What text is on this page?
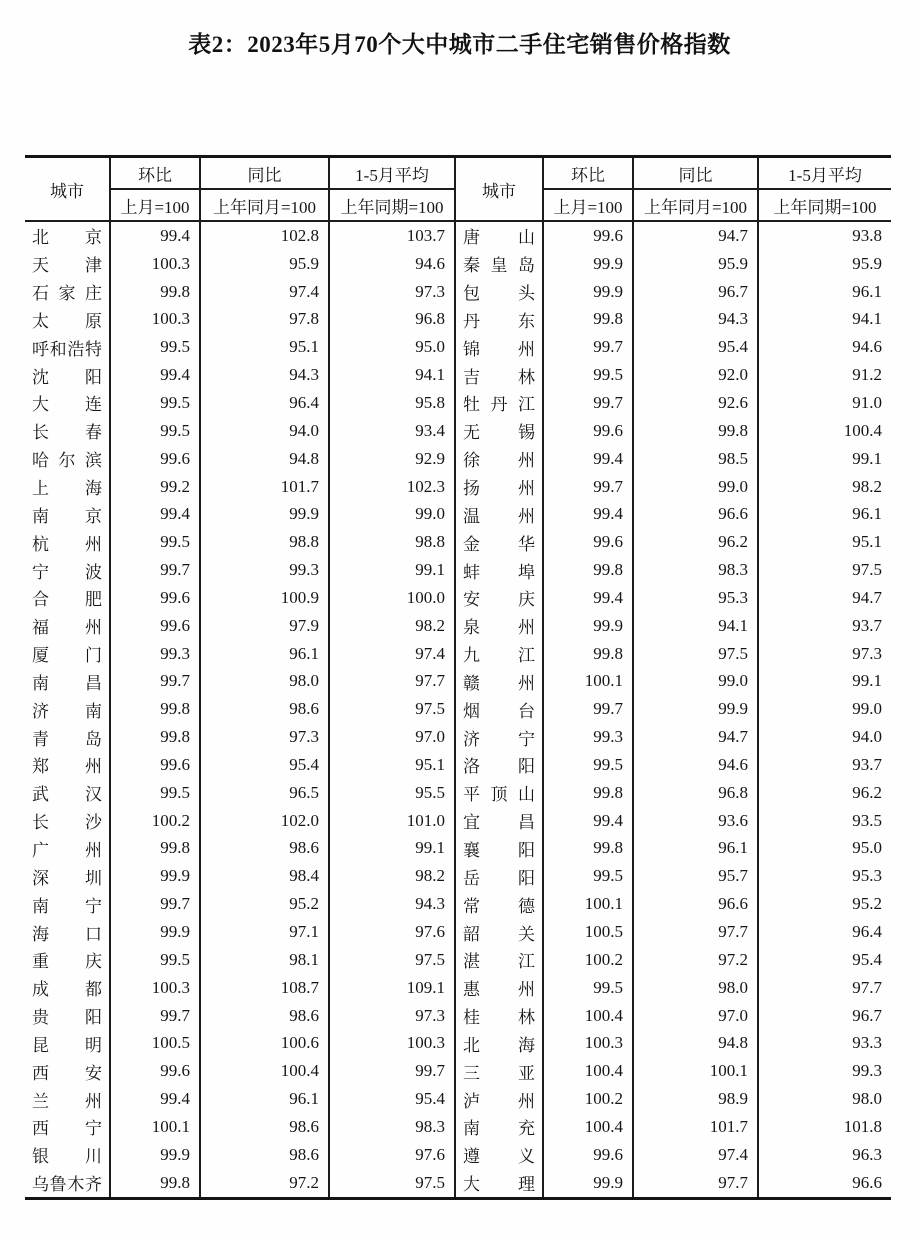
表2：2023年5月70个大中城市二手住宅销售价格指数
城市	环比	同比	1-5月平均	城市	环比	同比	1-5月平均
	上月=100	上年同月=100	上年同期=100		上月=100	上年同月=100	上年同期=100
北京	99.4	102.8	103.7	唐山	99.6	94.7	93.8
天津	100.3	95.9	94.6	秦皇岛	99.9	95.9	95.9
石家庄	99.8	97.4	97.3	包头	99.9	96.7	96.1
太原	100.3	97.8	96.8	丹东	99.8	94.3	94.1
呼和浩特	99.5	95.1	95.0	锦州	99.7	95.4	94.6
沈阳	99.4	94.3	94.1	吉林	99.5	92.0	91.2
大连	99.5	96.4	95.8	牡丹江	99.7	92.6	91.0
长春	99.5	94.0	93.4	无锡	99.6	99.8	100.4
哈尔滨	99.6	94.8	92.9	徐州	99.4	98.5	99.1
上海	99.2	101.7	102.3	扬州	99.7	99.0	98.2
南京	99.4	99.9	99.0	温州	99.4	96.6	96.1
杭州	99.5	98.8	98.8	金华	99.6	96.2	95.1
宁波	99.7	99.3	99.1	蚌埠	99.8	98.3	97.5
合肥	99.6	100.9	100.0	安庆	99.4	95.3	94.7
福州	99.6	97.9	98.2	泉州	99.9	94.1	93.7
厦门	99.3	96.1	97.4	九江	99.8	97.5	97.3
南昌	99.7	98.0	97.7	赣州	100.1	99.0	99.1
济南	99.8	98.6	97.5	烟台	99.7	99.9	99.0
青岛	99.8	97.3	97.0	济宁	99.3	94.7	94.0
郑州	99.6	95.4	95.1	洛阳	99.5	94.6	93.7
武汉	99.5	96.5	95.5	平顶山	99.8	96.8	96.2
长沙	100.2	102.0	101.0	宜昌	99.4	93.6	93.5
广州	99.8	98.6	99.1	襄阳	99.8	96.1	95.0
深圳	99.9	98.4	98.2	岳阳	99.5	95.7	95.3
南宁	99.7	95.2	94.3	常德	100.1	96.6	95.2
海口	99.9	97.1	97.6	韶关	100.5	97.7	96.4
重庆	99.5	98.1	97.5	湛江	100.2	97.2	95.4
成都	100.3	108.7	109.1	惠州	99.5	98.0	97.7
贵阳	99.7	98.6	97.3	桂林	100.4	97.0	96.7
昆明	100.5	100.6	100.3	北海	100.3	94.8	93.3
西安	99.6	100.4	99.7	三亚	100.4	100.1	99.3
兰州	99.4	96.1	95.4	泸州	100.2	98.9	98.0
西宁	100.1	98.6	98.3	南充	100.4	101.7	101.8
银川	99.9	98.6	97.6	遵义	99.6	97.4	96.3
乌鲁木齐	99.8	97.2	97.5	大理	99.9	97.7	96.6
